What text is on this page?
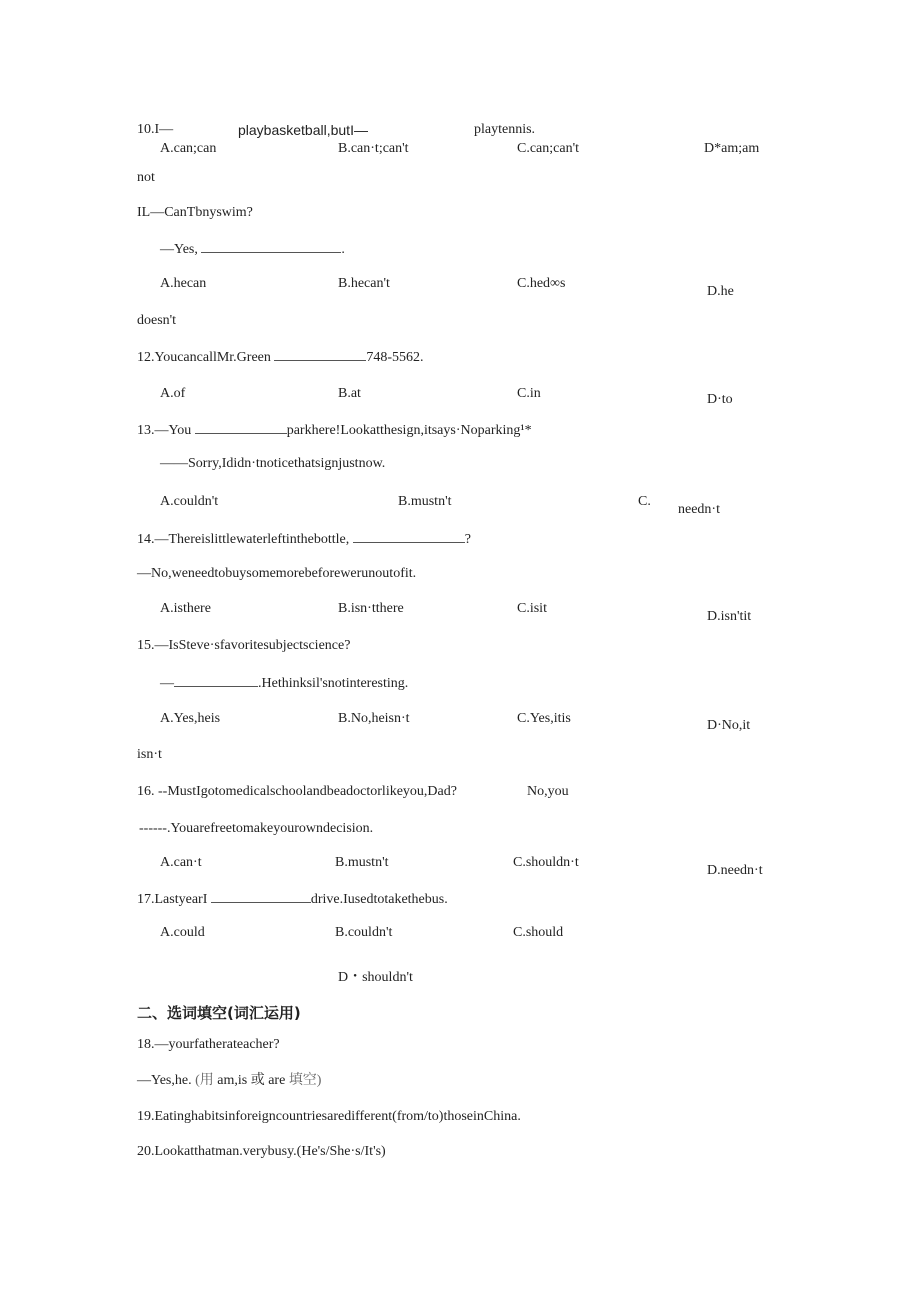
10.I—	playbasketball,butI—	playtennis.
A.can;can	B.can·t;can't	C.can;can't	D*am;am
not
IL—CanTbnyswim?
—Yes,	.
A.hecan	B.hecan't	C.hed∞s
D.he
doesn't
12.YoucancallMr.Green	748-5562.
A.of	B.at	C.in	D·to
13.—You	parkhere!Lookatthesign,itsays·Noparking¹*
——Sorry,Ididn·tnoticethatsignjustnow.
A.couldn't	B.mustn't	C.
needn·t
14.—Thereislittlewaterleftinthebottle,	?
—No,weneedtobuysomemorebeforewerunoutofit.
A.isthere	B.isn·tthere	C.isit
D.isn'tit
15.—IsSteve·sfavoritesubjectscience?
—	.Hethinksil'snotinteresting.
A.Yes,heis	B.No,heisn·t	C.Yes,itis	D·No,it
isn·t
16. --MustIgotomedicalschoolandbeadoctorlikeyou,Dad?	No,you
------.Youarefreetomakeyourowndecision.
A.can·t	B.mustn't	C.shouldn·t
D.needn·t
17.LastyearI	drive.Iusedtotakethebus.
A.could	B.couldn't	C.should
D・shouldn't
二、选词填空(词汇运用)
18.—yourfatherateacher?
—Yes,he. (用 am,is 或 are 填空)
19.Eatinghabitsinforeigncountriesaredifferent(from/to)thoseinChina.
20.Lookatthatman.verybusy.(He's/She·s/It's)
